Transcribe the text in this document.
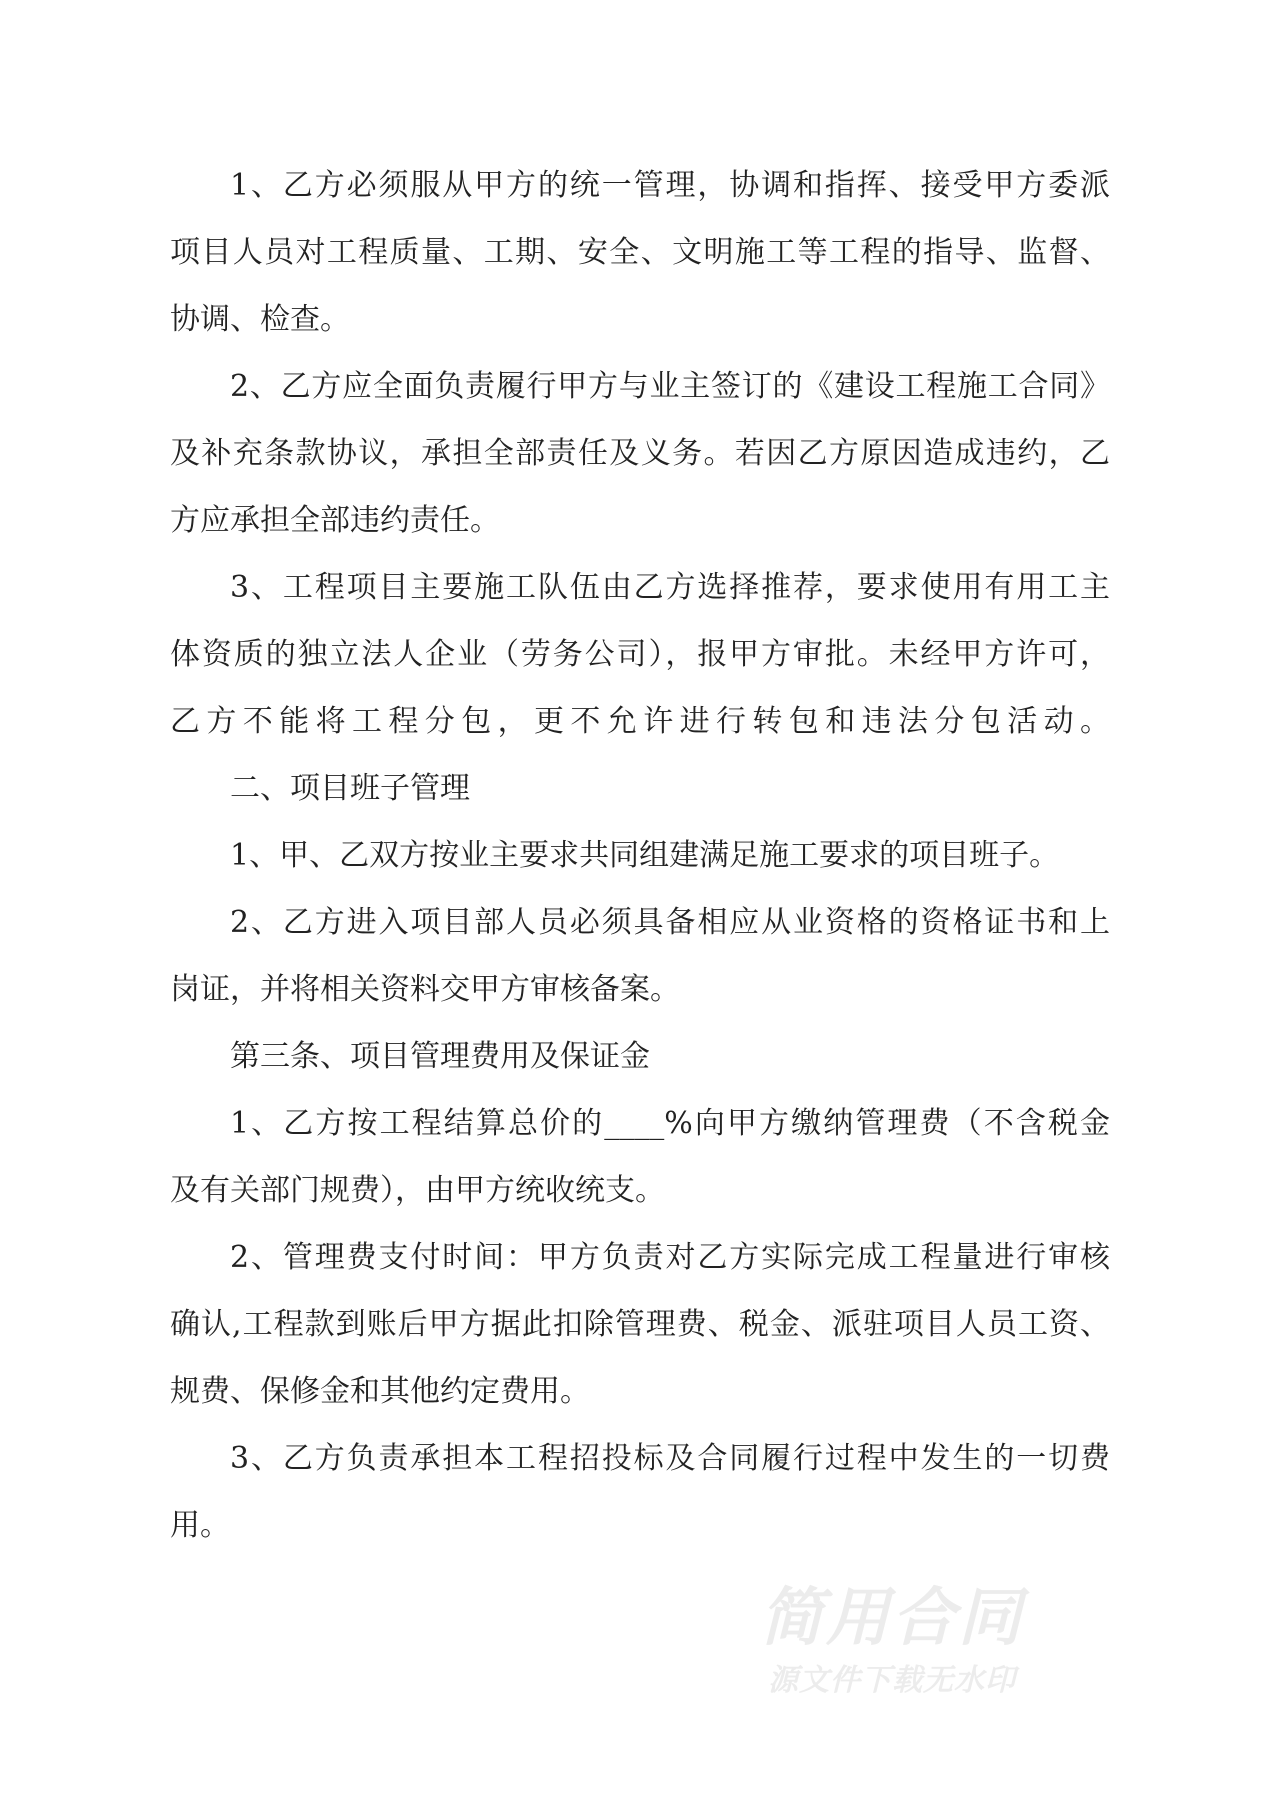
1、乙方必须服从甲方的统一管理，协调和指挥、接受甲方委派
项目人员对工程质量、工期、安全、文明施工等工程的指导、监督、
协调、检查。
2、乙方应全面负责履行甲方与业主签订的《建设工程施工合同》
及补充条款协议，承担全部责任及义务。若因乙方原因造成违约，乙
方应承担全部违约责任。
3、工程项目主要施工队伍由乙方选择推荐，要求使用有用工主
体资质的独立法人企业（劳务公司），报甲方审批。未经甲方许可，
乙方不能将工程分包，更不允许进行转包和违法分包活动。
二、项目班子管理
1、甲、乙双方按业主要求共同组建满足施工要求的项目班子。
2、乙方进入项目部人员必须具备相应从业资格的资格证书和上
岗证，并将相关资料交甲方审核备案。
第三条、项目管理费用及保证金
1、乙方按工程结算总价的____%向甲方缴纳管理费（不含税金
及有关部门规费），由甲方统收统支。
2、管理费支付时间：甲方负责对乙方实际完成工程量进行审核
确认,工程款到账后甲方据此扣除管理费、税金、派驻项目人员工资、
规费、保修金和其他约定费用。
3、乙方负责承担本工程招投标及合同履行过程中发生的一切费
用。
简用合同
源文件下载无水印
